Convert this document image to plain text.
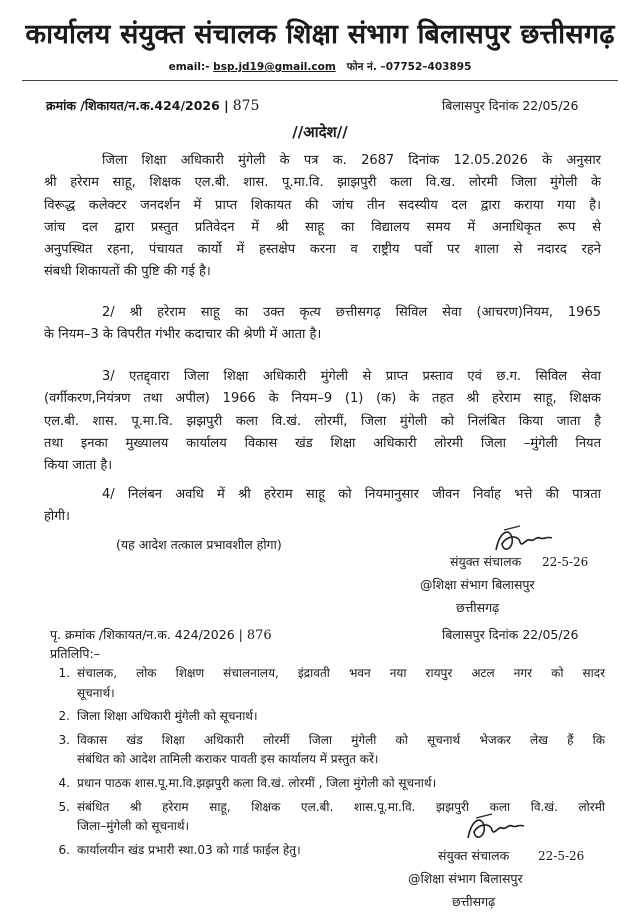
कार्यालय संयुक्त संचालक शिक्षा संभाग बिलासपुर छत्तीसगढ़
email:- bsp.jd19@gmail.com फोन नं. –07752–403895
क्रमांक /शिकायत/न.क.424/2026 | 875	बिलासपुर दिनांक 22/05/26
//आदेश//
जिला शिक्षा अधिकारी मुंगेली के पत्र क. 2687 दिनांक 12.05.2026 के अनुसार
श्री हरेराम साहू, शिक्षक एल.बी. शास. पू.मा.वि. झाझपुरी कला वि.ख. लोरमी जिला मुंगेली के
विरूद्ध कलेक्टर जनदर्शन में प्राप्त शिकायत की जांच तीन सदस्यीय दल द्वारा कराया गया है।
जांच दल द्वारा प्रस्तुत प्रतिवेदन में श्री साहू का विद्यालय समय में अनाधिकृत रूप से
अनुपस्थित रहना, पंचायत कार्यो में हस्तक्षेप करना व राष्ट्रीय पर्वो पर शाला से नदारद रहने
संबधी शिकायतों की पुष्टि की गई है।
2/ श्री हरेराम साहू का उक्त कृत्य छत्तीसगढ़ सिविल सेवा (आचरण)नियम, 1965
के नियम–3 के विपरीत गंभीर कदाचार की श्रेणी में आता है।
3/ एतद्द्वारा जिला शिक्षा अधिकारी मुंगेली से प्राप्त प्रस्ताव एवं छ.ग. सिविल सेवा
(वर्गीकरण,नियंत्रण तथा अपील) 1966 के नियम–9 (1) (क) के तहत श्री हरेराम साहू, शिक्षक
एल.बी. शास. पू.मा.वि. झझपुरी कला वि.खं. लोरमीं, जिला मुंगेली को निलंबित किया जाता है
तथा इनका मुख्यालय कार्यालय विकास खंड शिक्षा अधिकारी लोरमी जिला –मुंगेली नियत
किया जाता है।
4/ निलंबन अवधि में श्री हरेराम साहू को नियमानुसार जीवन निर्वाह भत्ते की पात्रता
होगी।
(यह आदेश तत्काल प्रभावशील होगा)
22-5-26
संयुक्त संचालक
@शिक्षा संभाग बिलासपुर
छत्तीसगढ़
पृ. क्रमांक /शिकायत/न.क. 424/2026 | 876	बिलासपुर दिनांक 22/05/26
प्रतिलिपि:–
1. संचालक, लोक शिक्षण संचालनालय, इंद्रावती भवन नया रायपुर अटल नगर को सादर
सूचनार्थ।
2. जिला शिक्षा अधिकारी मुंगेली को सूचनार्थ।
3. विकास खंड शिक्षा अधिकारी लोरमीं जिला मुंगेली को सूचनार्थ भेजकर लेख हैं कि
संबंधित को आदेश तामिली कराकर पावती इस कार्यालय में प्रस्तुत करें।
4. प्रधान पाठक शास.पू.मा.वि.झझपुरी कला वि.खं. लोरमीं , जिला मुंगेली को सूचनार्थ।
5. संबंधित श्री हरेराम साहू, शिक्षक एल.बी. शास.पू.मा.वि. झझपुरी कला वि.खं. लोरमी
जिला–मुंगेली को सूचनार्थ।
6. कार्यालयीन खंड प्रभारी स्था.03 को गार्ड फाईल हेतु।	22-5-26
संयुक्त संचालक
@शिक्षा संभाग बिलासपुर
छत्तीसगढ़
